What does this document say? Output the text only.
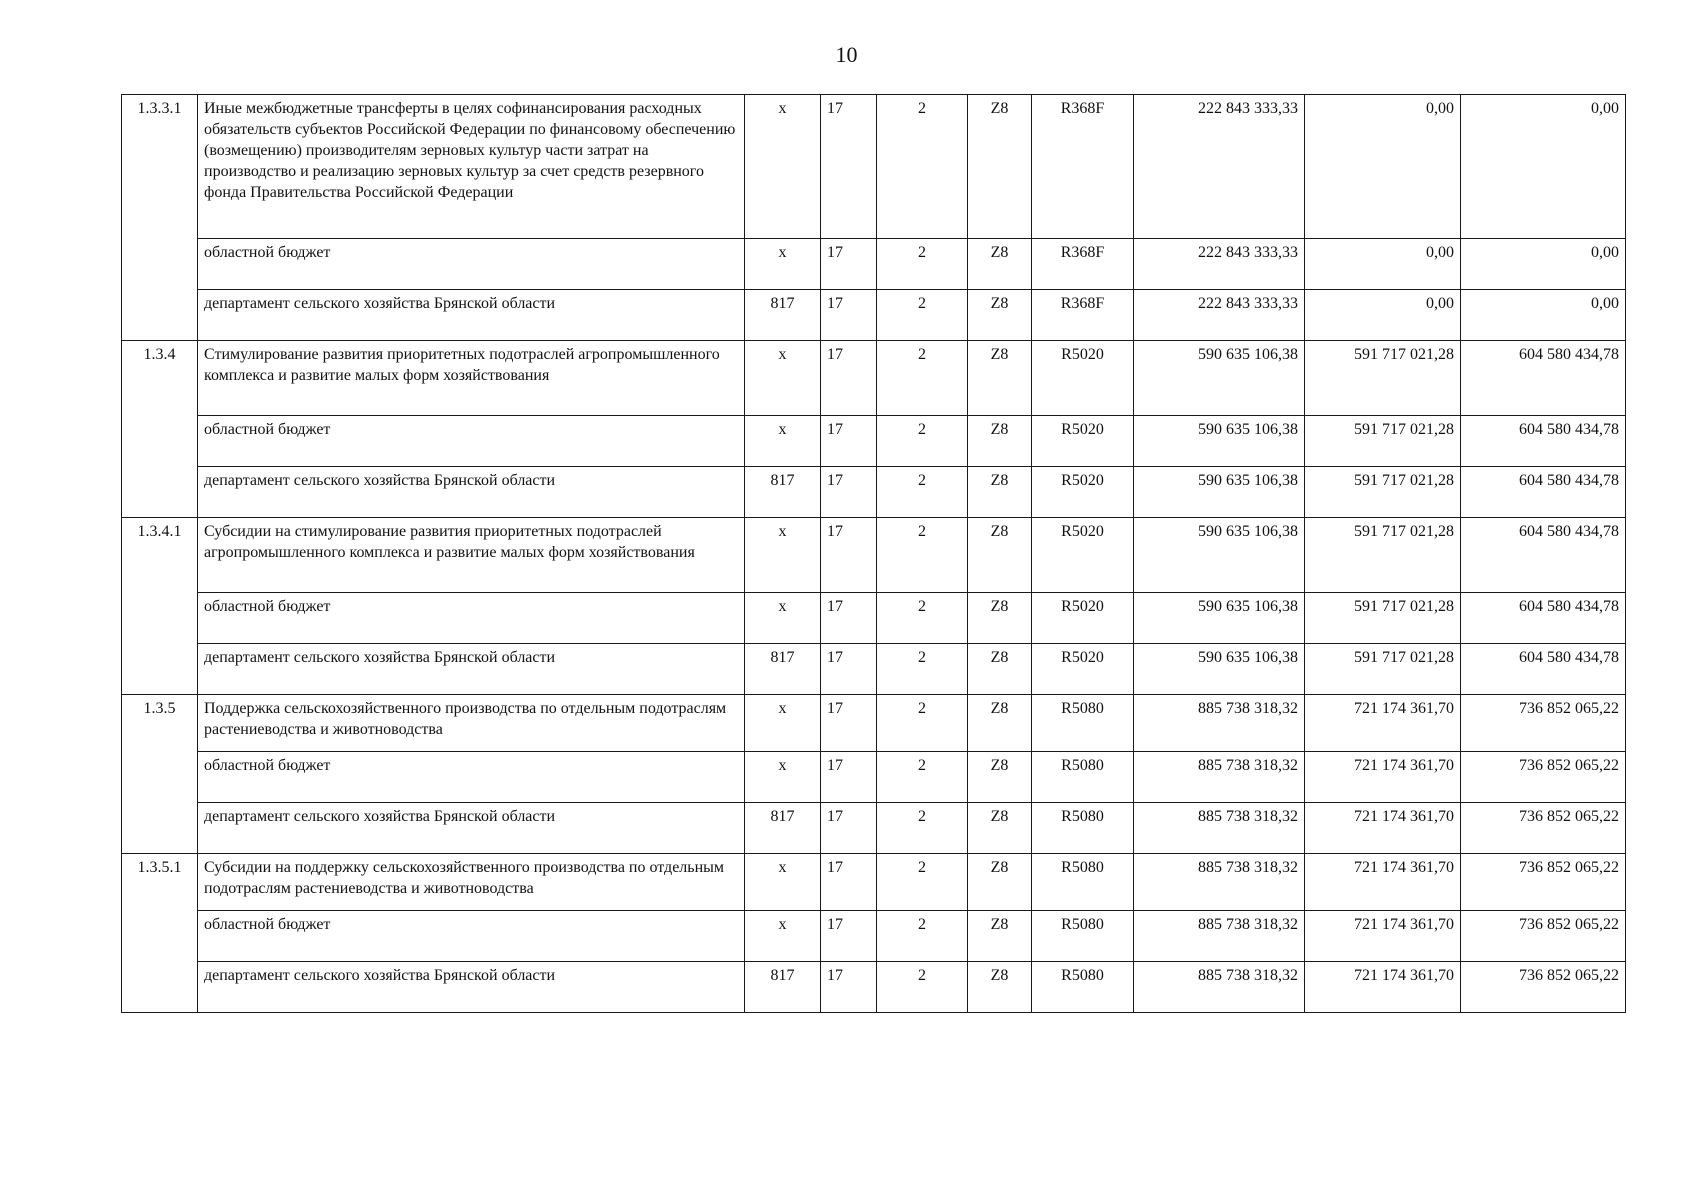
10
1.3.3.1	Иные межбюджетные трансферты в целях софинансирования расходных обязательств субъектов Российской Федерации по финансовому обеспечению (возмещению) производителям зерновых культур части затрат на производство и реализацию зерновых культур за счет средств резервного фонда Правительства Российской Федерации	x	17	2	Z8	R368F	222 843 333,33	0,00	0,00
	областной бюджет	x	17	2	Z8	R368F	222 843 333,33	0,00	0,00
	департамент сельского хозяйства Брянской области	817	17	2	Z8	R368F	222 843 333,33	0,00	0,00
1.3.4	Стимулирование развития приоритетных подотраслей агропромышленного комплекса и развитие малых форм хозяйствования	x	17	2	Z8	R5020	590 635 106,38	591 717 021,28	604 580 434,78
	областной бюджет	x	17	2	Z8	R5020	590 635 106,38	591 717 021,28	604 580 434,78
	департамент сельского хозяйства Брянской области	817	17	2	Z8	R5020	590 635 106,38	591 717 021,28	604 580 434,78
1.3.4.1	Субсидии на стимулирование развития приоритетных подотраслей агропромышленного комплекса и развитие малых форм хозяйствования	x	17	2	Z8	R5020	590 635 106,38	591 717 021,28	604 580 434,78
	областной бюджет	x	17	2	Z8	R5020	590 635 106,38	591 717 021,28	604 580 434,78
	департамент сельского хозяйства Брянской области	817	17	2	Z8	R5020	590 635 106,38	591 717 021,28	604 580 434,78
1.3.5	Поддержка сельскохозяйственного производства по отдельным подотраслям растениеводства и животноводства	x	17	2	Z8	R5080	885 738 318,32	721 174 361,70	736 852 065,22
	областной бюджет	x	17	2	Z8	R5080	885 738 318,32	721 174 361,70	736 852 065,22
	департамент сельского хозяйства Брянской области	817	17	2	Z8	R5080	885 738 318,32	721 174 361,70	736 852 065,22
1.3.5.1	Субсидии на поддержку сельскохозяйственного производства по отдельным подотраслям растениеводства и животноводства	x	17	2	Z8	R5080	885 738 318,32	721 174 361,70	736 852 065,22
	областной бюджет	x	17	2	Z8	R5080	885 738 318,32	721 174 361,70	736 852 065,22
	департамент сельского хозяйства Брянской области	817	17	2	Z8	R5080	885 738 318,32	721 174 361,70	736 852 065,22
